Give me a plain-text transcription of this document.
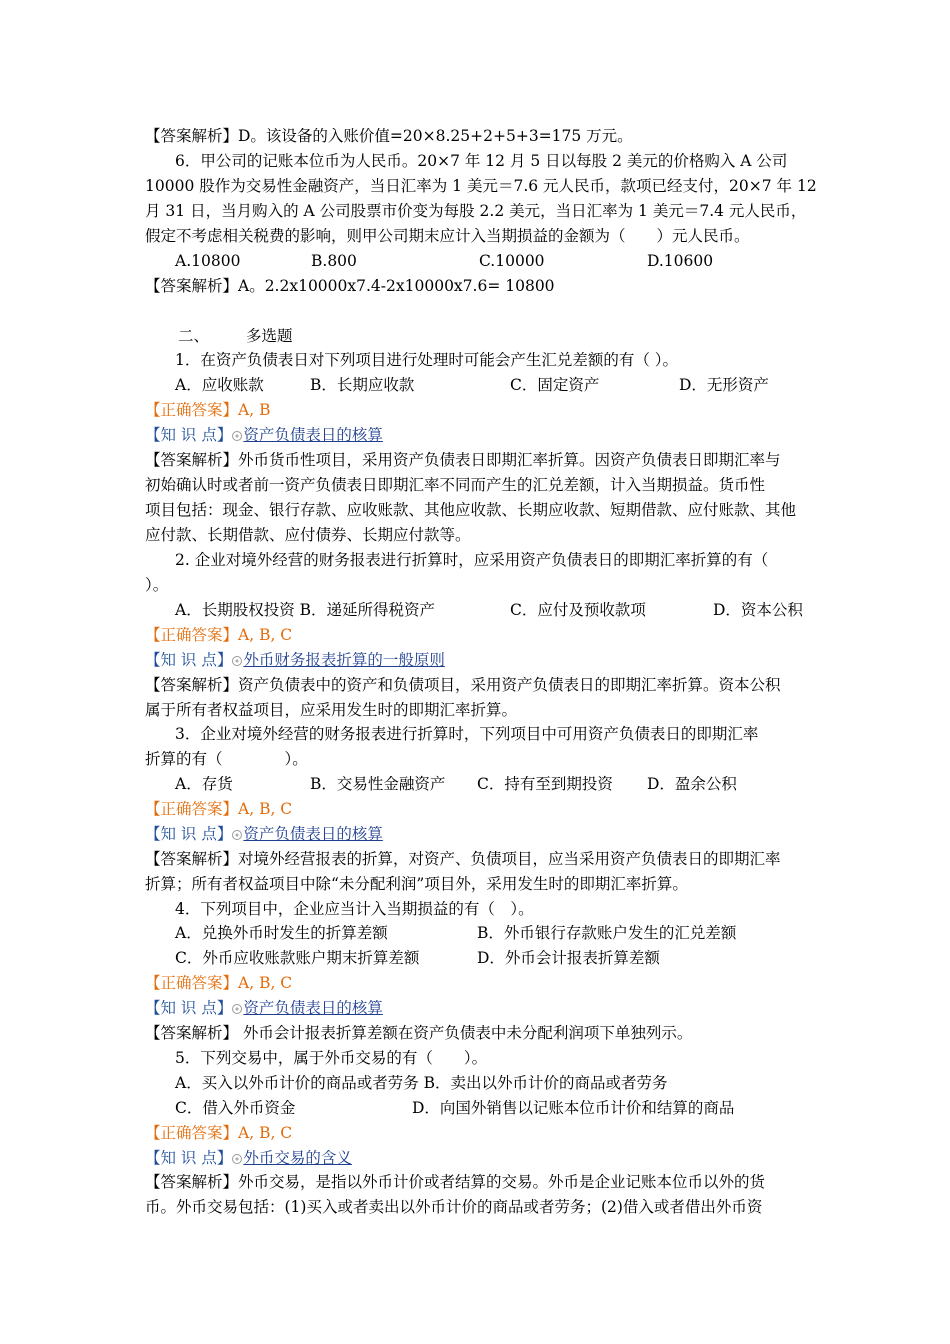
【答案解析】D。该设备的入账价值=20×8.25+2+5+3=175 万元。
6．甲公司的记账本位币为人民币。20×7 年 12 月 5 日以每股 2 美元的价格购入 A 公司
10000 股作为交易性金融资产，当日汇率为 1 美元＝7.6 元人民币，款项已经支付，20×7 年 12
月 31 日，当月购入的 A 公司股票市价变为每股 2.2 美元，当日汇率为 1 美元＝7.4 元人民币，
假定不考虑相关税费的影响，则甲公司期末应计入当期损益的金额为（　　）元人民币。
A.10800	B.800	C.10000	D.10600
【答案解析】A。2.2x10000x7.4-2x10000x7.6= 10800
二、 多选题
1．在资产负债表日对下列项目进行处理时可能会产生汇兑差额的有（ ）。
A．应收账款	B．长期应收款	C．固定资产	D．无形资产
【正确答案】A, B
【知 识 点】 资产负债表日的核算
【答案解析】外币货币性项目，采用资产负债表日即期汇率折算。因资产负债表日即期汇率与
初始确认时或者前一资产负债表日即期汇率不同而产生的汇兑差额，计入当期损益。货币性
项目包括：现金、银行存款、应收账款、其他应收款、长期应收款、短期借款、应付账款、其他
应付款、长期借款、应付债券、长期应付款等。
2. 企业对境外经营的财务报表进行折算时，应采用资产负债表日的即期汇率折算的有（
）。
A．长期股权投资 B．递延所得税资产	C．应付及预收款项	D．资本公积
【正确答案】A, B, C
【知 识 点】 外币财务报表折算的一般原则
【答案解析】资产负债表中的资产和负债项目，采用资产负债表日的即期汇率折算。资本公积
属于所有者权益项目，应采用发生时的即期汇率折算。
3．企业对境外经营的财务报表进行折算时，下列项目中可用资产负债表日的即期汇率
折算的有（　　　　）。
A．存货	B．交易性金融资产 C．持有至到期投资 D．盈余公积
【正确答案】A, B, C
【知 识 点】 资产负债表日的核算
【答案解析】对境外经营报表的折算，对资产、负债项目，应当采用资产负债表日的即期汇率
折算；所有者权益项目中除“未分配利润”项目外，采用发生时的即期汇率折算。
4．下列项目中，企业应当计入当期损益的有（　）。
A．兑换外币时发生的折算差额	B．外币银行存款账户发生的汇兑差额
C．外币应收账款账户期末折算差额	D．外币会计报表折算差额
【正确答案】A, B, C
【知 识 点】 资产负债表日的核算
【答案解析】 外币会计报表折算差额在资产负债表中未分配利润项下单独列示。
5．下列交易中，属于外币交易的有（　　）。
A．买入以外币计价的商品或者劳务 B．卖出以外币计价的商品或者劳务
C．借入外币资金	D．向国外销售以记账本位币计价和结算的商品
【正确答案】A, B, C
【知 识 点】 外币交易的含义
【答案解析】外币交易，是指以外币计价或者结算的交易。外币是企业记账本位币以外的货
币。外币交易包括：(1)买入或者卖出以外币计价的商品或者劳务；(2)借入或者借出外币资
